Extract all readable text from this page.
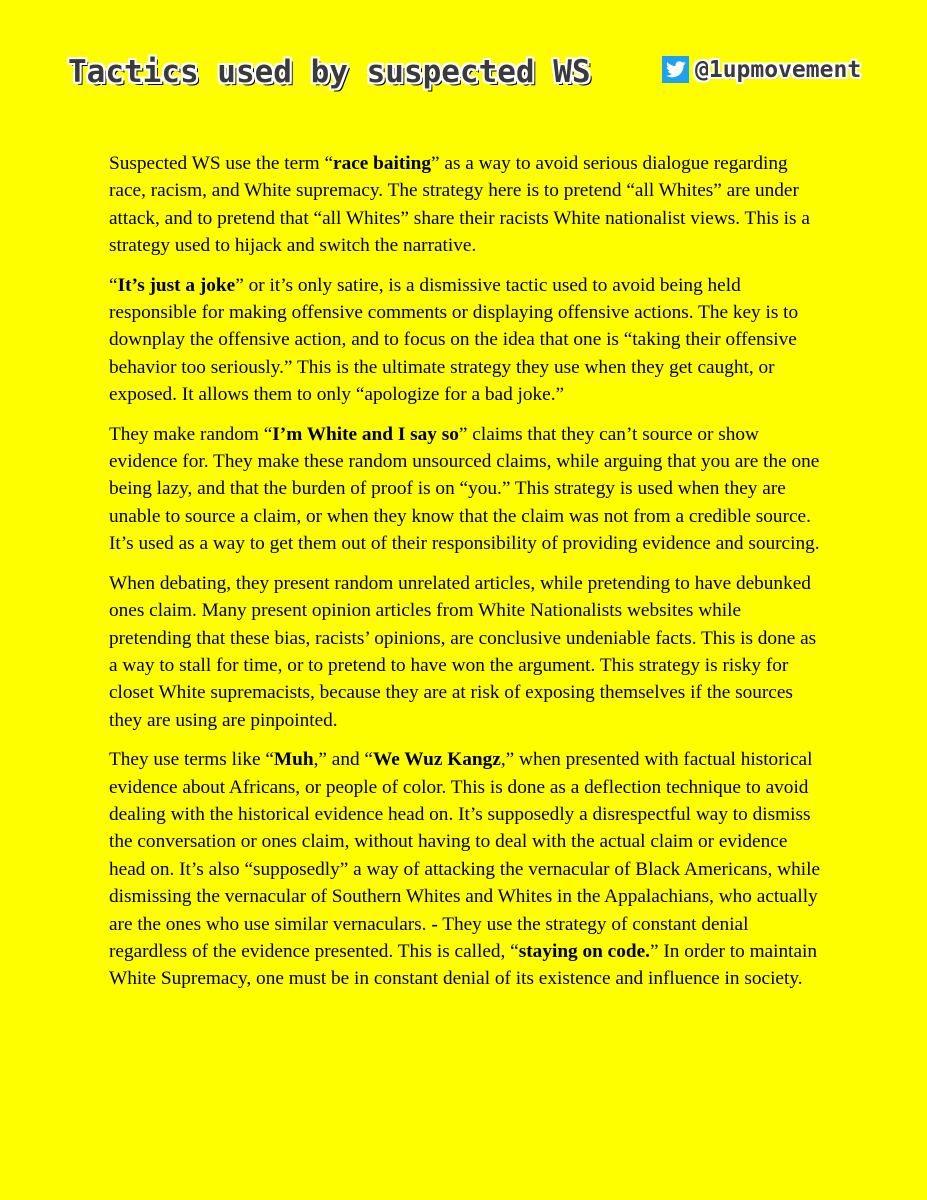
Tactics used by suspected WS	@1upmovement

Suspected WS use the term “race baiting” as a way to avoid serious dialogue regarding race, racism, and White supremacy. The strategy here is to pretend “all Whites” are under attack, and to pretend that “all Whites” share their racists White nationalist views. This is a strategy used to hijack and switch the narrative.

“It’s just a joke” or it’s only satire, is a dismissive tactic used to avoid being held responsible for making offensive comments or displaying offensive actions. The key is to downplay the offensive action, and to focus on the idea that one is “taking their offensive behavior too seriously.” This is the ultimate strategy they use when they get caught, or exposed. It allows them to only “apologize for a bad joke.”

They make random “I’m White and I say so” claims that they can’t source or show evidence for. They make these random unsourced claims, while arguing that you are the one being lazy, and that the burden of proof is on “you.” This strategy is used when they are unable to source a claim, or when they know that the claim was not from a credible source. It’s used as a way to get them out of their responsibility of providing evidence and sourcing.

When debating, they present random unrelated articles, while pretending to have debunked ones claim. Many present opinion articles from White Nationalists websites while pretending that these bias, racists’ opinions, are conclusive undeniable facts. This is done as a way to stall for time, or to pretend to have won the argument. This strategy is risky for closet White supremacists, because they are at risk of exposing themselves if the sources they are using are pinpointed.

They use terms like “Muh,” and “We Wuz Kangz,” when presented with factual historical evidence about Africans, or people of color. This is done as a deflection technique to avoid dealing with the historical evidence head on. It’s supposedly a disrespectful way to dismiss the conversation or ones claim, without having to deal with the actual claim or evidence head on. It’s also “supposedly” a way of attacking the vernacular of Black Americans, while dismissing the vernacular of Southern Whites and Whites in the Appalachians, who actually are the ones who use similar vernaculars. - They use the strategy of constant denial regardless of the evidence presented. This is called, “staying on code.” In order to maintain White Supremacy, one must be in constant denial of its existence and influence in society.
